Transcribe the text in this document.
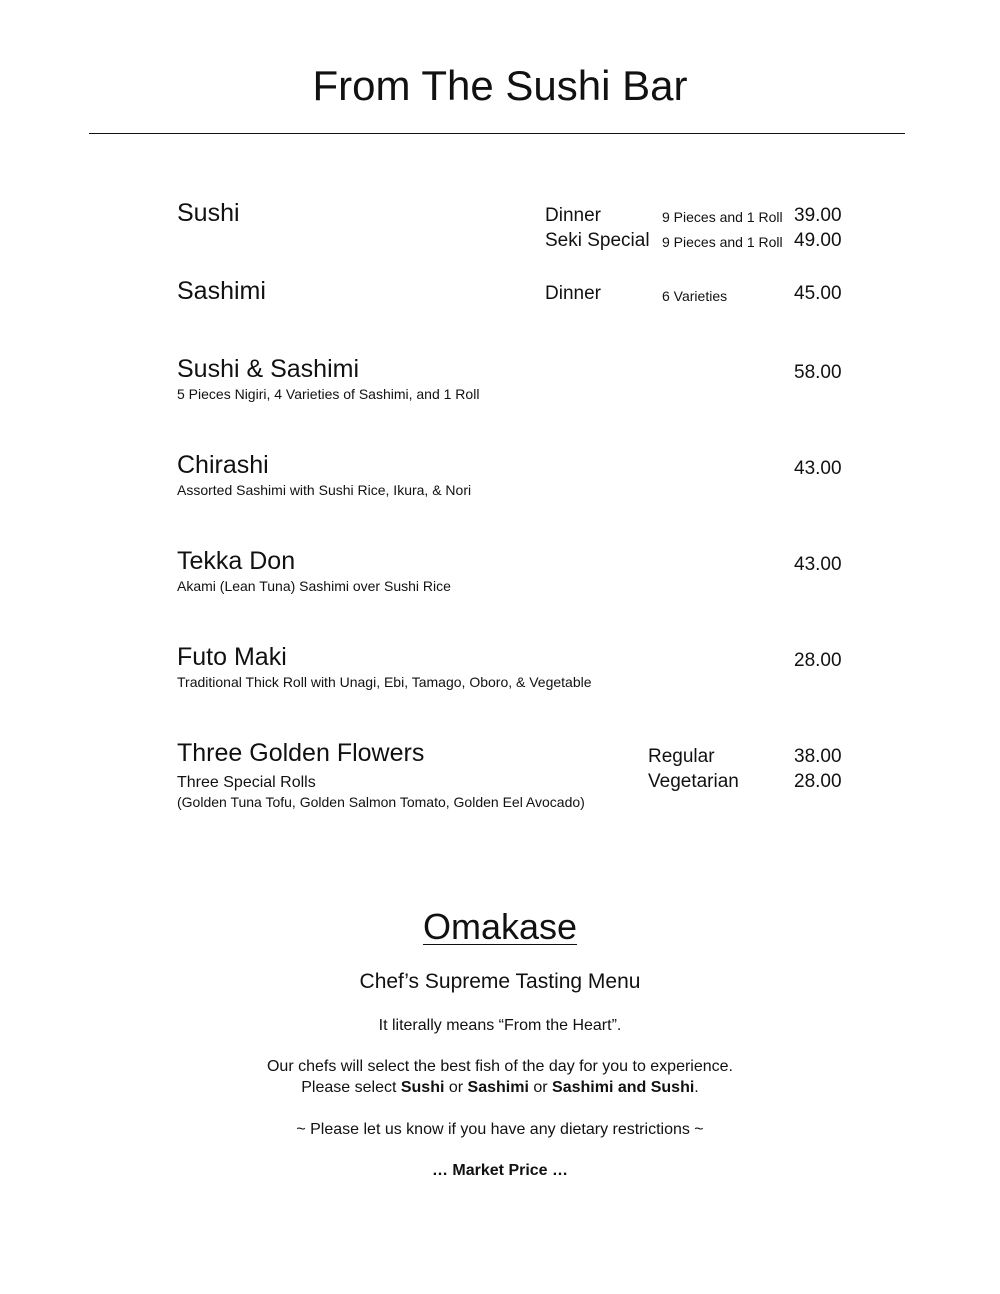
From The Sushi Bar
Sushi	Dinner	9 Pieces and 1 Roll 39.00
Seki Special 9 Pieces and 1 Roll 49.00
Sashimi	Dinner	6 Varieties	45.00
Sushi & Sashimi
5 Pieces Nigiri, 4 Varieties of Sashimi, and 1 Roll
58.00
Chirashi
Assorted Sashimi with Sushi Rice, Ikura, & Nori
43.00
Tekka Don
Akami (Lean Tuna) Sashimi over Sushi Rice
43.00
Futo Maki
Traditional Thick Roll with Unagi, Ebi, Tamago, Oboro, & Vegetable
28.00
Three Golden Flowers
Three Special Rolls
(Golden Tuna Tofu, Golden Salmon Tomato, Golden Eel Avocado)
Regular	38.00
Vegetarian	28.00
Omakase
Chef’s Supreme Tasting Menu
It literally means “From the Heart”.
Our chefs will select the best fish of the day for you to experience.
Please select Sushi or Sashimi or Sashimi and Sushi.
~ Please let us know if you have any dietary restrictions ~
… Market Price …
